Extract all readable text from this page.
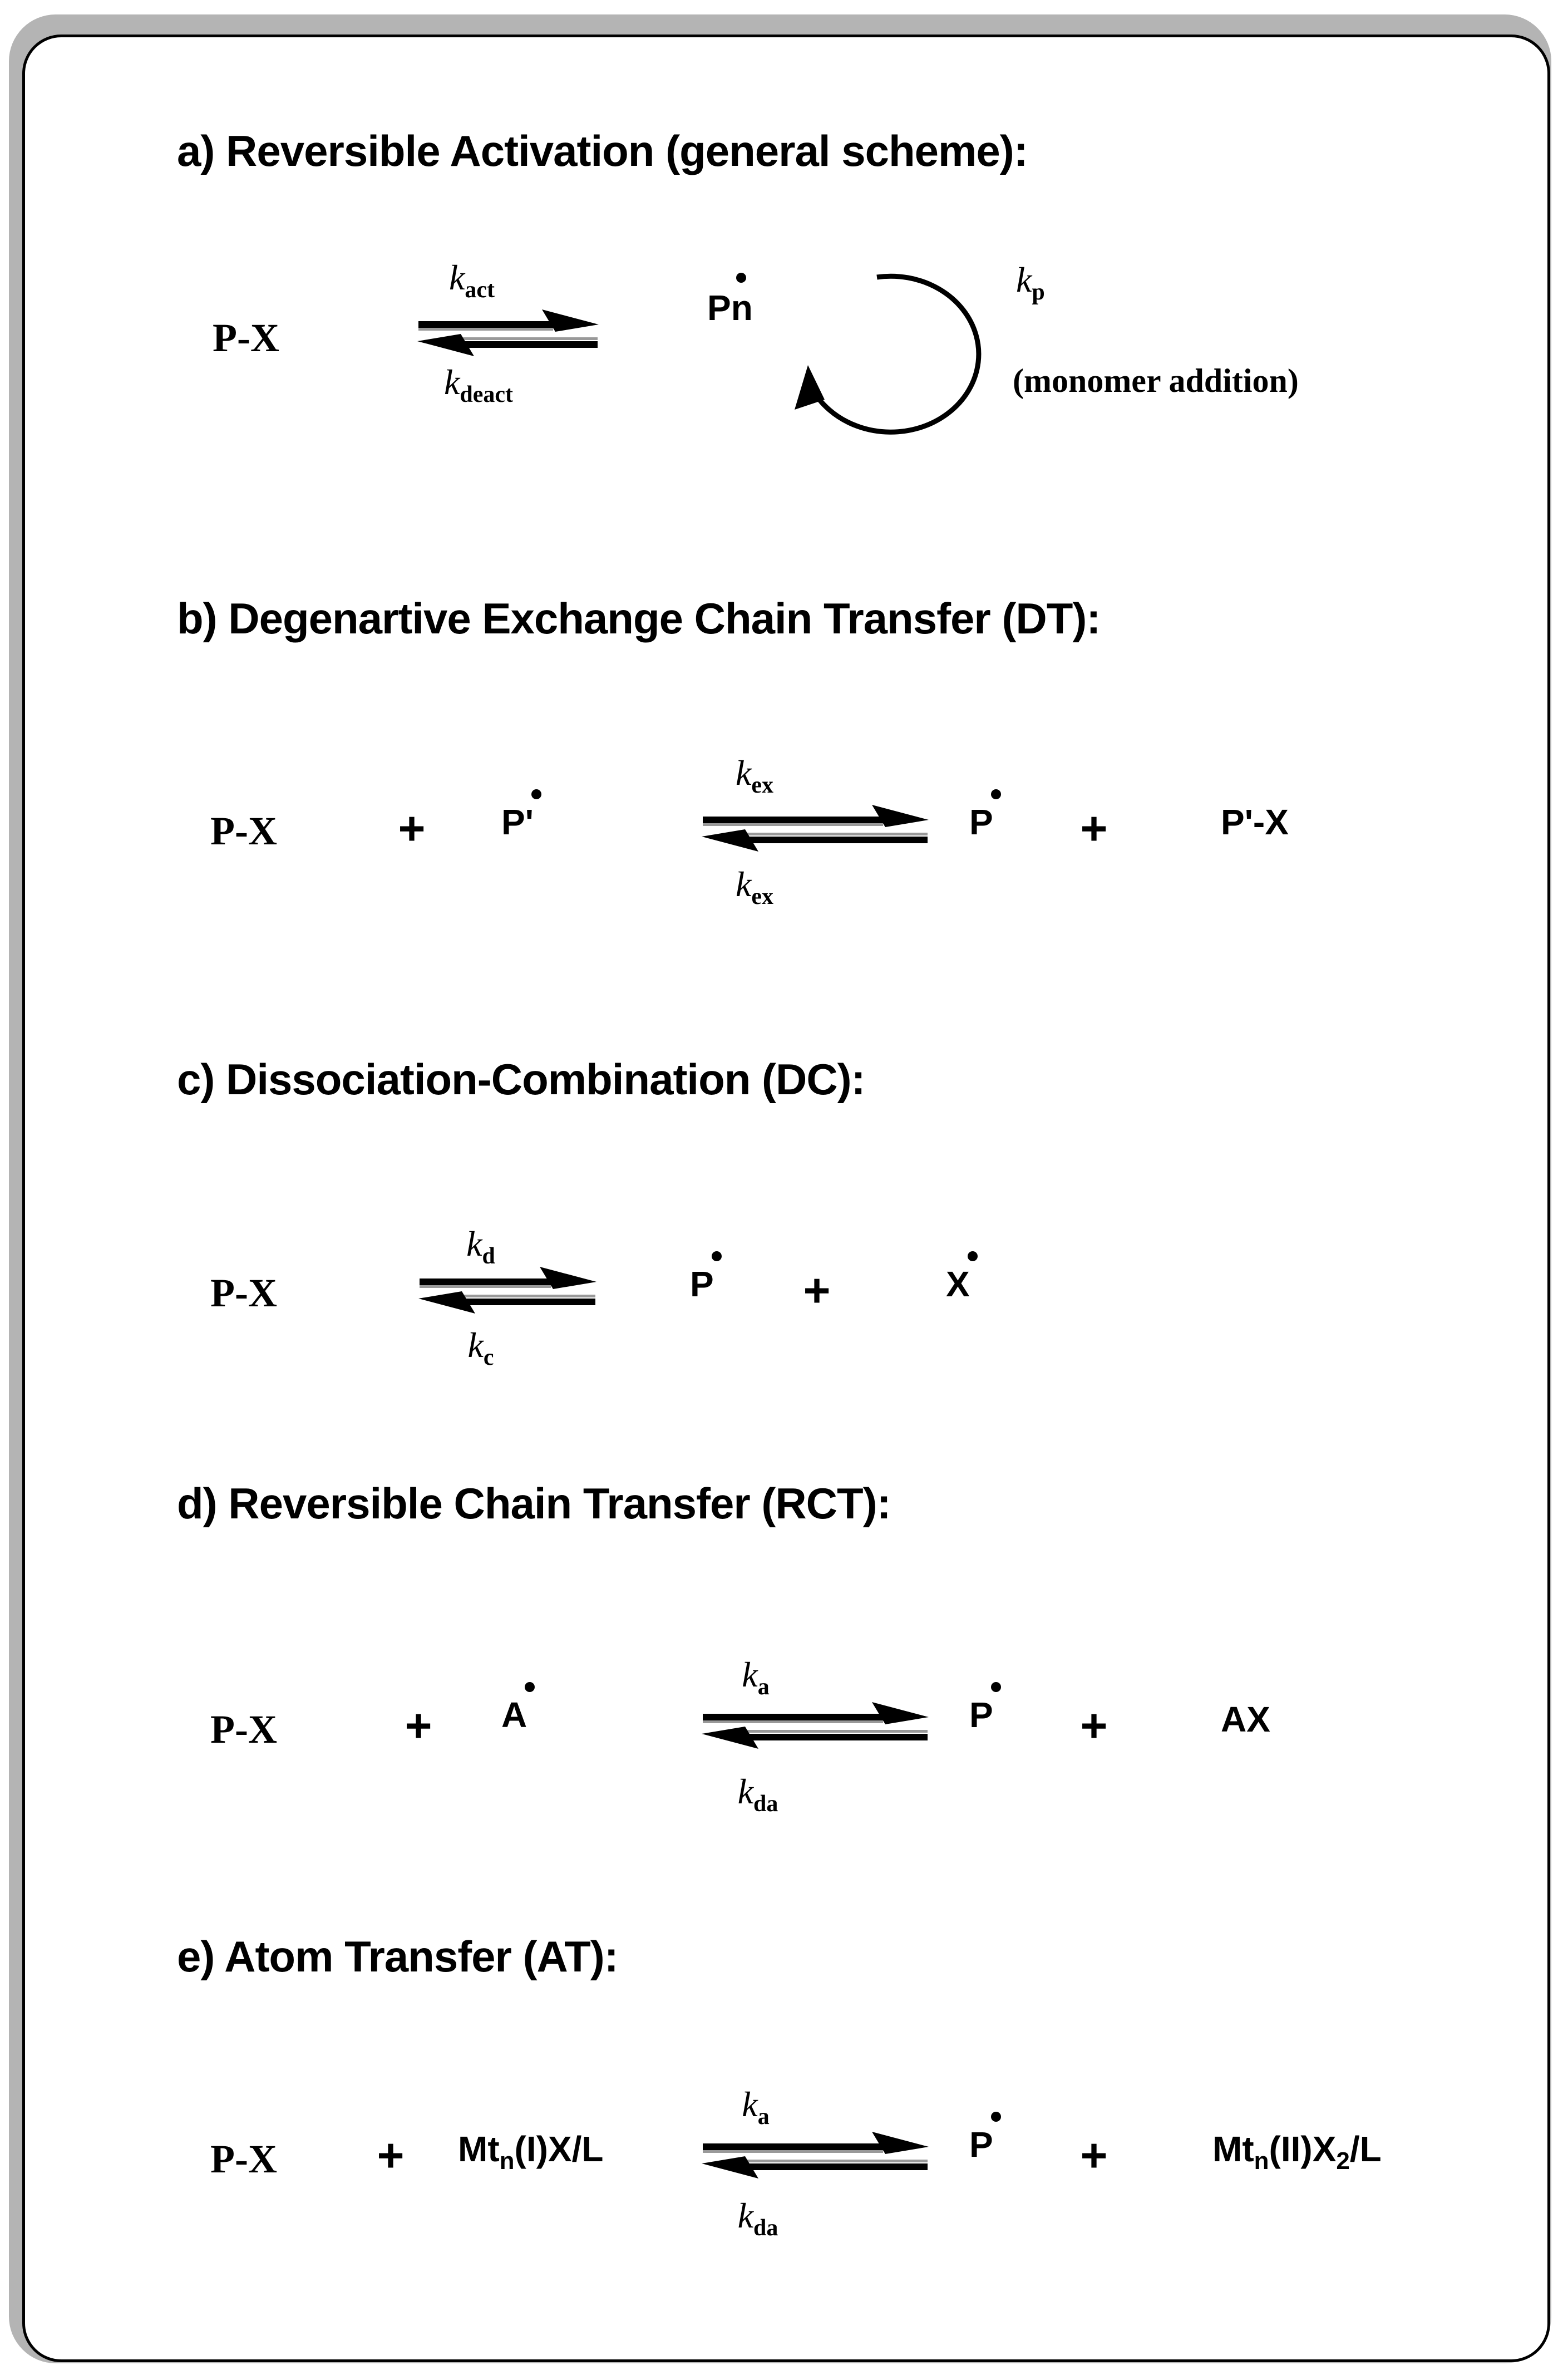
a) Reversible Activation (general scheme):
P-X
$k_{act}$
$k_{deact}$
Pn
$k_p$
(monomer addition)
b) Degenartive Exchange Chain Transfer (DT):
P-X	+ P'
$k_{ex}$
$k_{ex}$
P +	P'-X
c) Dissociation-Combination (DC):
P-X
$k_d$
$k_c$
P +	X
d) Reversible Chain Transfer (RCT):
P-X	+ A
$k_a$
$k_{da}$
P +	AX
e) Atom Transfer (AT):
$P-X + Mt_n(I)X/L$
$k_a$
$k_{da}$
P +	$Mt_n(II)X_2/L$
